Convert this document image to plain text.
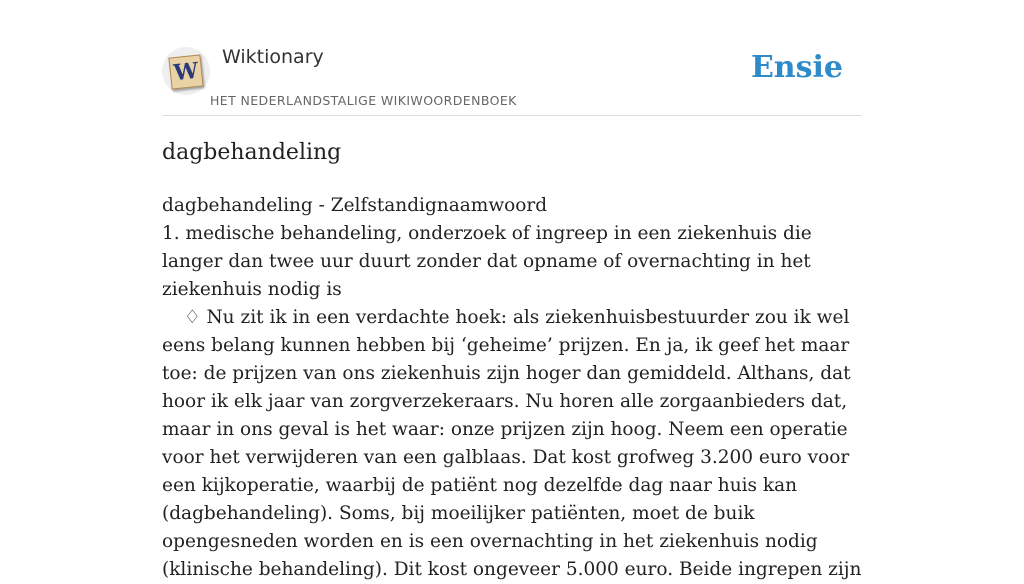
W
Wiktionary
HET NEDERLANDSTALIGE WIKIWOORDENBOEK
Ensie
dagbehandeling

dagbehandeling - Zelfstandignaamwoord

1. medische behandeling, onderzoek of ingreep in een ziekenhuis die langer dan twee uur duurt zonder dat opname of overnachting in het ziekenhuis nodig is

♢ Nu zit ik in een verdachte hoek: als ziekenhuisbestuurder zou ik wel eens belang kunnen hebben bij ‘geheime’ prijzen. En ja, ik geef het maar toe: de prijzen van ons ziekenhuis zijn hoger dan gemiddeld. Althans, dat hoor ik elk jaar van zorgverzekeraars. Nu horen alle zorgaanbieders dat, maar in ons geval is het waar: onze prijzen zijn hoog. Neem een operatie voor het verwijderen van een galblaas. Dat kost grofweg 3.200 euro voor een kijkoperatie, waarbij de patiënt nog dezelfde dag naar huis kan (dagbehandeling). Soms, bij moeilijker patiënten, moet de buik opengesneden worden en is een overnachting in het ziekenhuis nodig (klinische behandeling). Dit kost ongeveer 5.000 euro. Beide ingrepen zijn
